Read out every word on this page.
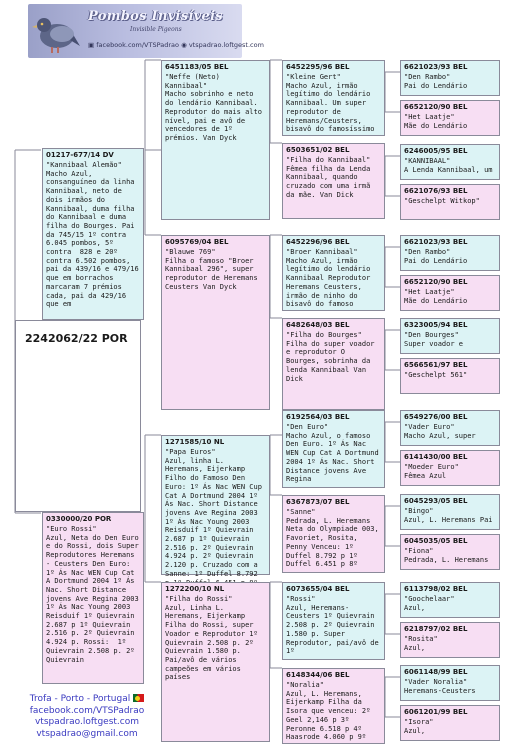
Pombos Invisíveis
Invisible Pigeons
▣ facebook.com/VTSPadrao ◉ vtspadrao.loftgest.com
2242062/22 POR
01217-677/14 DV
"Kannibaal Alemão"
Macho Azul,
consanguíneo da linha Kannibaal, neto de dois irmãos do Kannibaal, duma filha do Kannibaal e duma filha do Bourges. Pai da 745/15 1º contra 6.045 pombos, 5º contra  828 e 20º contra 6.502 pombos, pai da 439/16 e 479/16 que em borrachos marcaram 7 prémios cada, pai da 429/16 que em
0330000/20 POR
"Euro Rossi"
Azul, Neta do Den Euro e do Rossi, dois Super Reprodutores Heremans - Ceusters Den Euro: 1º Ás Nac WEN Cup Cat A Dortmund 2004 1º Ás Nac. Short Distance jovens Ave Regina 2003 1º Ás Nac Young 2003 Reisduif 1º Quievrain 2.687 p 1º Quievrain 2.516 p. 2º Quievrain 4.924 p. Rossi:  1º Quievrain 2.508 p. 2º Quievrain
6451183/05 BEL
"Neffe (Neto) Kannibaal"
Macho sobrinho e neto do lendário Kannibaal. Reprodutor do mais alto nível, pai e avô de vencedores de 1º prémios. Van Dyck
6095769/04 BEL
"Blauwe 769"
Filha o famoso "Broer Kannibaal 296", super reprodutor de Heremans Ceusters Van Dyck
1271585/10 NL
"Papa Euros"
Azul, linha L. Heremans, Eijerkamp Filho do Famoso Den Euro: 1º Ás Nac WEN Cup Cat A Dortmund 2004 1º Ás Nac. Short Distance jovens Ave Regina 2003 1º Ás Nac Young 2003 Reisduif 1º Quievrain 2.687 p 1º Quievrain 2.516 p. 2º Quievrain 4.924 p. 2º Quievrain 2.120 p. Cruzado com a Sanne: 1º Duffel 8.792
1272200/10 NL
"Filha do Rossi"
Azul, Linha L. Heremans, Eijerkamp Filha do Rossi, super Voador e Reprodutor 1º Quievrain 2.508 p. 2º Quievrain 1.580 p. Pai/avô de vários campeões em vários países
6452295/96 BEL
"Kleine Gert"
Macho Azul, irmão legítimo do lendário Kannibaal. Um super reprodutor de Heremans/Ceusters, bisavô do famosíssimo
6503651/02 BEL
"Filha do Kannibaal"
Fêmea filha da Lenda Kannibaal, quando cruzado com uma irmã da mãe. Van Dick
6452296/96 BEL
"Broer Kannibaal"
Macho Azul, irmão legítimo do lendário Kannibaal Reprodutor Heremans Ceusters, irmão de ninho do bisavô do famoso
6482648/03 BEL
"Filha do Bourges"
Filha do super voador e reprodutor O Bourges, sobrinha da lenda Kannibaal Van Dick
6192564/03 BEL
"Den Euro"
Macho Azul, o famoso Den Euro. 1º Ás Nac WEN Cup Cat A Dortmund 2004 1º Ás Nac. Short Distance jovens Ave Regina
6367873/07 BEL
"Sanne"
Pedrada, L. Heremans Neta do Olympiade 003, Favoriet, Rosita, Penny Venceu: 1º Duffel 8.792 p 1º Duffel 6.451 p 8º
6073655/04 BEL
"Rossi"
Azul, Heremans-Ceusters 1º Quievrain 2.508 p. 2º Quievrain 1.580 p. Super Reprodutor, pai/avô de 1º
6148344/06 BEL
"Noralia"
Azul, L. Heremans, Eijerkamp Filha da Isora que venceu: 2º Geel 2,146 p 3º Peronne 6.518 p 4º Haasrode 4.060 p 9º
6621023/93 BEL
"Den Rambo"
Pai do Lendário
6652120/90 BEL
"Het Laatje"
Mãe do Lendário
6246005/95 BEL
"KANNIBAAL"
A Lenda Kannibaal, um
6621076/93 BEL
"Geschelpt Witkop"
6621023/93 BEL
"Den Rambo"
Pai do Lendário
6652120/90 BEL
"Het Laatje"
Mãe do Lendário
6323005/94 BEL
"Den Bourges"
Super voador e
6566561/97 BEL
"Geschelpt 561"
6549276/00 BEL
"Vader Euro"
Macho Azul, super
6141430/00 BEL
"Moeder Euro"
Fêmea Azul
6045293/05 BEL
"Bingo"
Azul, L. Heremans Pai
6045035/05 BEL
"Fiona"
Pedrada, L. Heremans
6113798/02 BEL
"Goochelaar"
Azul,
6218797/02 BEL
"Rosita"
Azul,
6061148/99 BEL
"Vader Noralia"
Heremans-Ceusters
6061201/99 BEL
"Isora"
Azul,
Trofa - Porto - Portugal
facebook.com/VTSPadrao
vtspadrao.loftgest.com
vtspadrao@gmail.com
